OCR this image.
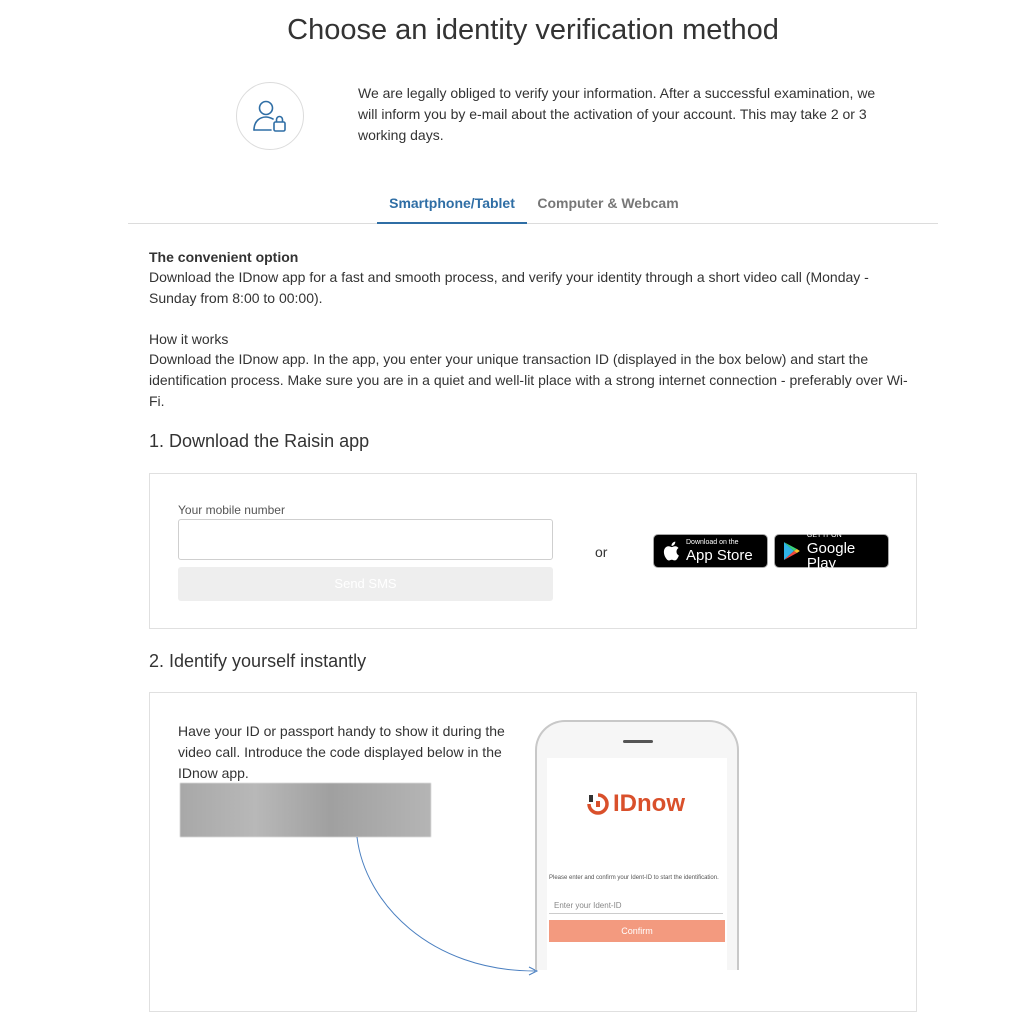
Choose an identity verification method

We are legally obliged to verify your information. After a successful examination, we will inform you by e-mail about the activation of your account. This may take 2 or 3 working days.

Smartphone/Tablet	Computer & Webcam
The convenient option
Download the IDnow app for a fast and smooth process, and verify your identity through a short video call (Monday - Sunday from 8:00 to 00:00).
How it works
Download the IDnow app. In the app, you enter your unique transaction ID (displayed in the box below) and start the identification process. Make sure you are in a quiet and well-lit place with a strong internet connection - preferably over Wi-Fi.
1. Download the Raisin app
Your mobile number
Send SMS
or
Download on the
App Store
GET IT ON
Google Play
2. Identify yourself instantly
Have your ID or passport handy to show it during the video call. Introduce the code displayed below in the IDnow app.
IDnow
Please enter and confirm your Ident-ID to start the identification.
Enter your Ident-ID
Confirm
